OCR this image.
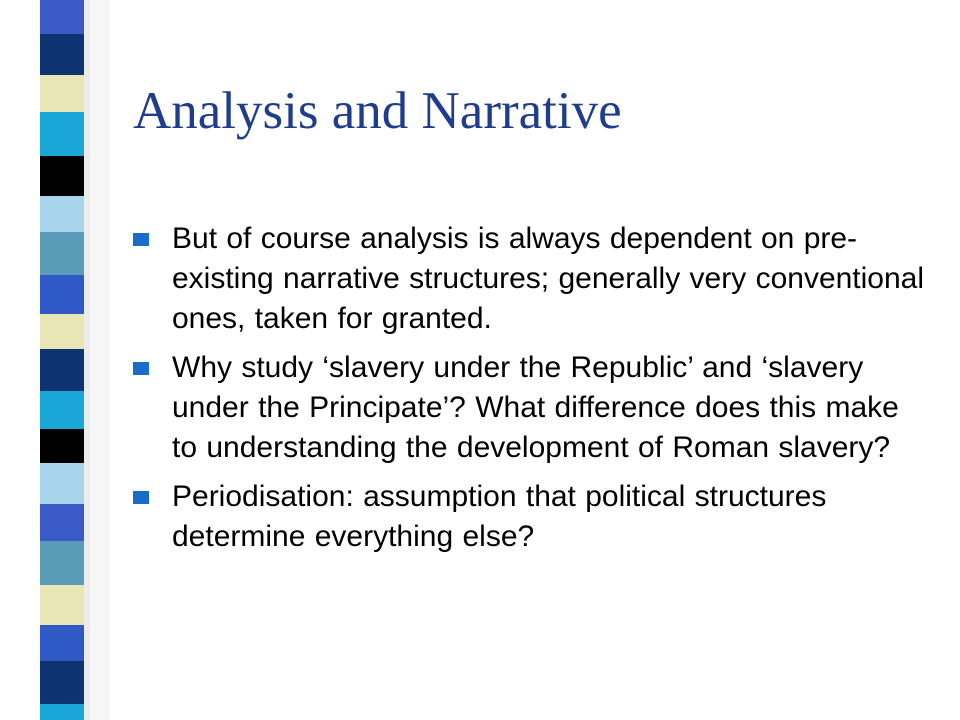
Analysis and Narrative
But of course analysis is always dependent on pre-existing narrative structures; generally very conventional ones, taken for granted.
Why study ‘slavery under the Republic’ and ‘slavery under the Principate’? What difference does this make to understanding the development of Roman slavery?
Periodisation: assumption that political structures determine everything else?
